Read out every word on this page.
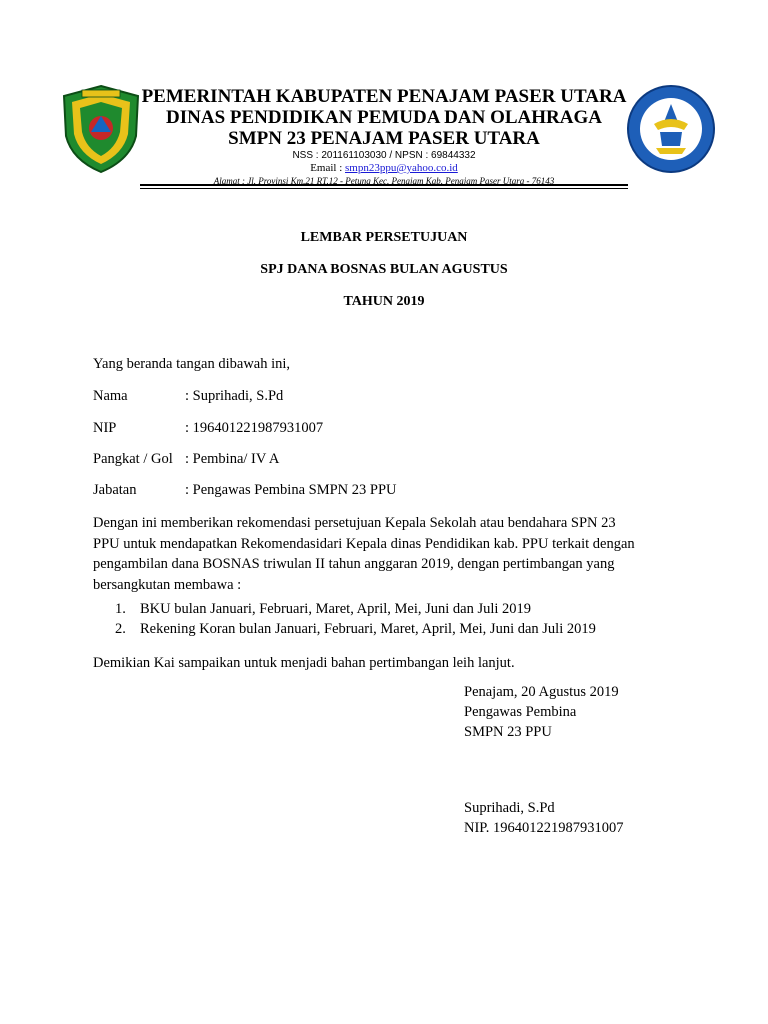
PEMERINTAH KABUPATEN PENAJAM PASER UTARA
DINAS PENDIDIKAN PEMUDA DAN OLAHRAGA
SMPN 23 PENAJAM PASER UTARA
NSS : 201161103030 / NPSN : 69844332
Email : smpn23ppu@yahoo.co.id
Alamat : Jl. Provinsi Km.21 RT.12 - Petung Kec. Penajam Kab. Penajam Paser Utara - 76143
LEMBAR PERSETUJUAN
SPJ DANA BOSNAS BULAN AGUSTUS
TAHUN 2019
Yang beranda tangan dibawah ini,
Nama	: Suprihadi, S.Pd
NIP	: 196401221987931007
Pangkat / Gol : Pembina/ IV A
Jabatan	: Pengawas Pembina SMPN 23 PPU
Dengan ini memberikan rekomendasi persetujuan Kepala Sekolah atau bendahara SPN 23
PPU untuk mendapatkan Rekomendasidari Kepala dinas Pendidikan kab. PPU terkait dengan
pengambilan dana BOSNAS triwulan II tahun anggaran 2019, dengan pertimbangan yang
bersangkutan membawa :
1. BKU bulan Januari, Februari, Maret, April, Mei, Juni dan Juli 2019
2. Rekening Koran bulan Januari, Februari, Maret, April, Mei, Juni dan Juli 2019
Demikian Kai sampaikan untuk menjadi bahan pertimbangan leih lanjut.
Penajam, 20 Agustus 2019
Pengawas Pembina
SMPN 23 PPU
Suprihadi, S.Pd
NIP. 196401221987931007
